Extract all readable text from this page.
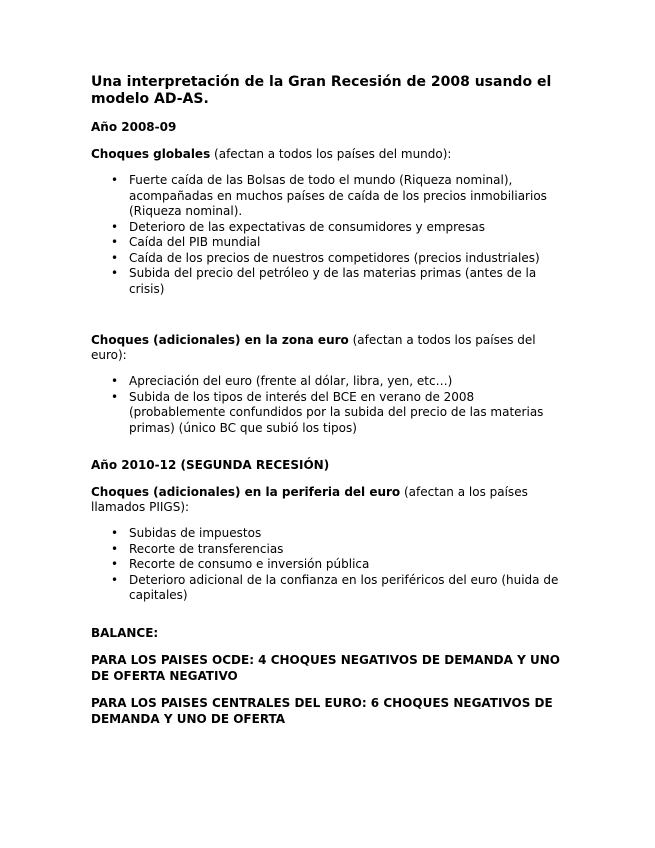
Una interpretación de la Gran Recesión de 2008 usando el modelo AD-AS.
Año 2008-09
Choques globales (afectan a todos los países del mundo):
• Fuerte caída de las Bolsas de todo el mundo (Riqueza nominal), acompañadas en muchos países de caída de los precios inmobiliarios (Riqueza nominal).
• Deterioro de las expectativas de consumidores y empresas
• Caída del PIB mundial
• Caída de los precios de nuestros competidores (precios industriales)
• Subida del precio del petróleo y de las materias primas (antes de la crisis)
Choques (adicionales) en la zona euro (afectan a todos los países del euro):
• Apreciación del euro (frente al dólar, libra, yen, etc…)
• Subida de los tipos de interés del BCE en verano de 2008 (probablemente confundidos por la subida del precio de las materias primas) (único BC que subió los tipos)
Año 2010-12 (SEGUNDA RECESIÓN)
Choques (adicionales) en la periferia del euro (afectan a los países llamados PIIGS):
• Subidas de impuestos
• Recorte de transferencias
• Recorte de consumo e inversión pública
• Deterioro adicional de la confianza en los periféricos del euro (huida de capitales)
BALANCE:
PARA LOS PAISES OCDE: 4 CHOQUES NEGATIVOS DE DEMANDA Y UNO DE OFERTA NEGATIVO
PARA LOS PAISES CENTRALES DEL EURO: 6 CHOQUES NEGATIVOS DE DEMANDA Y UNO DE OFERTA
